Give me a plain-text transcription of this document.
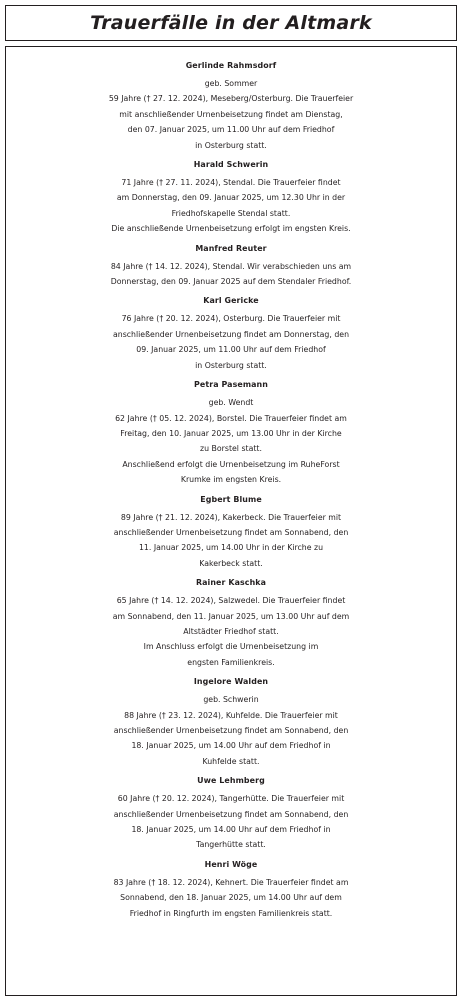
Trauerfälle in der Altmark
Gerlinde Rahmsdorf
geb. Sommer
59 Jahre († 27. 12. 2024), Meseberg/Osterburg. Die Trauerfeier
mit anschließender Urnenbeisetzung findet am Dienstag,
den 07. Januar 2025, um 11.00 Uhr auf dem Friedhof
in Osterburg statt.
Harald Schwerin
71 Jahre († 27. 11. 2024), Stendal. Die Trauerfeier findet
am Donnerstag, den 09. Januar 2025, um 12.30 Uhr in der
Friedhofskapelle Stendal statt.
Die anschließende Urnenbeisetzung erfolgt im engsten Kreis.
Manfred Reuter
84 Jahre († 14. 12. 2024), Stendal. Wir verabschieden uns am
Donnerstag, den 09. Januar 2025 auf dem Stendaler Friedhof.
Karl Gericke
76 Jahre († 20. 12. 2024), Osterburg. Die Trauerfeier mit
anschließender Urnenbeisetzung findet am Donnerstag, den
09. Januar 2025, um 11.00 Uhr auf dem Friedhof
in Osterburg statt.
Petra Pasemann
geb. Wendt
62 Jahre († 05. 12. 2024), Borstel. Die Trauerfeier findet am
Freitag, den 10. Januar 2025, um 13.00 Uhr in der Kirche
zu Borstel statt.
Anschließend erfolgt die Urnenbeisetzung im RuheForst
Krumke im engsten Kreis.
Egbert Blume
89 Jahre († 21. 12. 2024), Kakerbeck. Die Trauerfeier mit
anschließender Urnenbeisetzung findet am Sonnabend, den
11. Januar 2025, um 14.00 Uhr in der Kirche zu
Kakerbeck statt.
Rainer Kaschka
65 Jahre († 14. 12. 2024), Salzwedel. Die Trauerfeier findet
am Sonnabend, den 11. Januar 2025, um 13.00 Uhr auf dem
Altstädter Friedhof statt.
Im Anschluss erfolgt die Urnenbeisetzung im
engsten Familienkreis.
Ingelore Walden
geb. Schwerin
88 Jahre († 23. 12. 2024), Kuhfelde. Die Trauerfeier mit
anschließender Urnenbeisetzung findet am Sonnabend, den
18. Januar 2025, um 14.00 Uhr auf dem Friedhof in
Kuhfelde statt.
Uwe Lehmberg
60 Jahre († 20. 12. 2024), Tangerhütte. Die Trauerfeier mit
anschließender Urnenbeisetzung findet am Sonnabend, den
18. Januar 2025, um 14.00 Uhr auf dem Friedhof in
Tangerhütte statt.
Henri Wöge
83 Jahre († 18. 12. 2024), Kehnert. Die Trauerfeier findet am
Sonnabend, den 18. Januar 2025, um 14.00 Uhr auf dem
Friedhof in Ringfurth im engsten Familienkreis statt.
